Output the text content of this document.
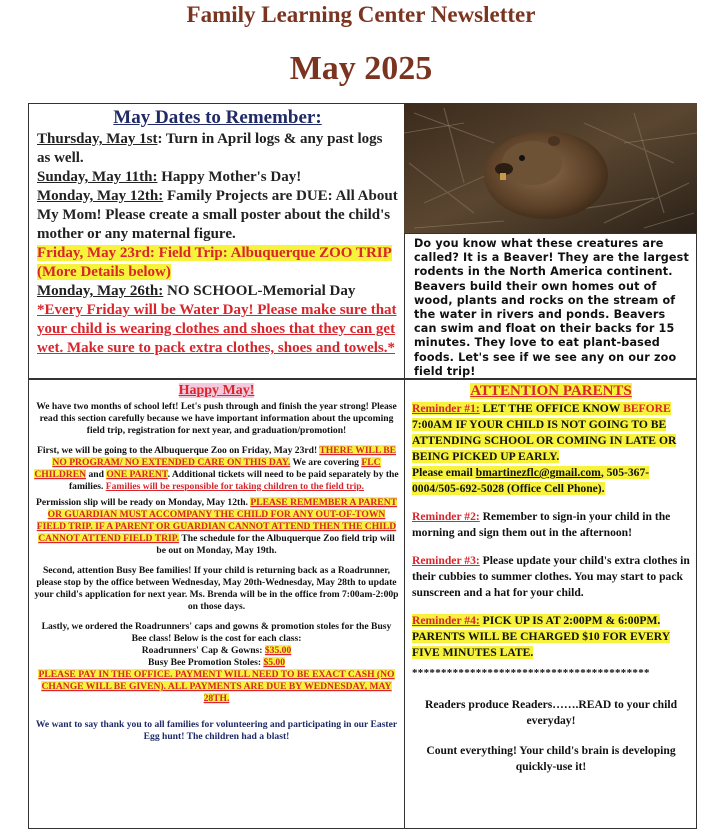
Family Learning Center Newsletter
May 2025
May Dates to Remember:

Thursday, May 1st: Turn in April logs & any past logs as well.

Sunday, May 11th: Happy Mother's Day!

Monday, May 12th: Family Projects are DUE: All About My Mom! Please create a small poster about the child's mother or any maternal figure.

Friday, May 23rd: Field Trip: Albuquerque ZOO TRIP (More Details below)

Monday, May 26th: NO SCHOOL-Memorial Day

*Every Friday will be Water Day! Please make sure that your child is wearing clothes and shoes that they can get wet. Make sure to pack extra clothes, shoes and towels.*

Do you know what these creatures are called? It is a Beaver! They are the largest rodents in the North America continent. Beavers build their own homes out of wood, plants and rocks on the stream of the water in rivers and ponds. Beavers can swim and float on their backs for 15 minutes. They love to eat plant-based foods. Let's see if we see any on our zoo field trip!

Happy May!

We have two months of school left! Let's push through and finish the year strong! Please read this section carefully because we have important information about the upcoming field trip, registration for next year, and graduation/promotion!

First, we will be going to the Albuquerque Zoo on Friday, May 23rd! THERE WILL BE NO PROGRAM/ NO EXTENDED CARE ON THIS DAY. We are covering FLC CHILDREN and ONE PARENT. Additional tickets will need to be paid separately by the families. Families will be responsible for taking children to the field trip.

Permission slip will be ready on Monday, May 12th. PLEASE REMEMBER A PARENT OR GUARDIAN MUST ACCOMPANY THE CHILD FOR ANY OUT-OF-TOWN FIELD TRIP. IF A PARENT OR GUARDIAN CANNOT ATTEND THEN THE CHILD CANNOT ATTEND FIELD TRIP. The schedule for the Albuquerque Zoo field trip will be out on Monday, May 19th.

Second, attention Busy Bee families! If your child is returning back as a Roadrunner, please stop by the office between Wednesday, May 20th-Wednesday, May 28th to update your child's application for next year. Ms. Brenda will be in the office from 7:00am-2:00p on those days.

Lastly, we ordered the Roadrunners' caps and gowns & promotion stoles for the Busy Bee class! Below is the cost for each class:
Roadrunners' Cap & Gowns: $35.00
Busy Bee Promotion Stoles: $5.00
PLEASE PAY IN THE OFFICE. PAYMENT WILL NEED TO BE EXACT CASH (NO CHANGE WILL BE GIVEN). ALL PAYMENTS ARE DUE BY WEDNESDAY, MAY 28TH.

We want to say thank you to all families for volunteering and participating in our Easter Egg hunt! The children had a blast!

ATTENTION PARENTS

Reminder #1: LET THE OFFICE KNOW BEFORE 7:00AM IF YOUR CHILD IS NOT GOING TO BE ATTENDING SCHOOL OR COMING IN LATE OR BEING PICKED UP EARLY.
Please email bmartinezflc@gmail.com, 505-367-0004/505-692-5028 (Office Cell Phone).

Reminder #2: Remember to sign-in your child in the morning and sign them out in the afternoon!

Reminder #3: Please update your child's extra clothes in their cubbies to summer clothes. You may start to pack sunscreen and a hat for your child.

Reminder #4: PICK UP IS AT 2:00PM & 6:00PM. PARENTS WILL BE CHARGED $10 FOR EVERY FIVE MINUTES LATE.

*****************************************

Readers produce Readers…….READ to your child everyday!

Count everything! Your child's brain is developing quickly-use it!
